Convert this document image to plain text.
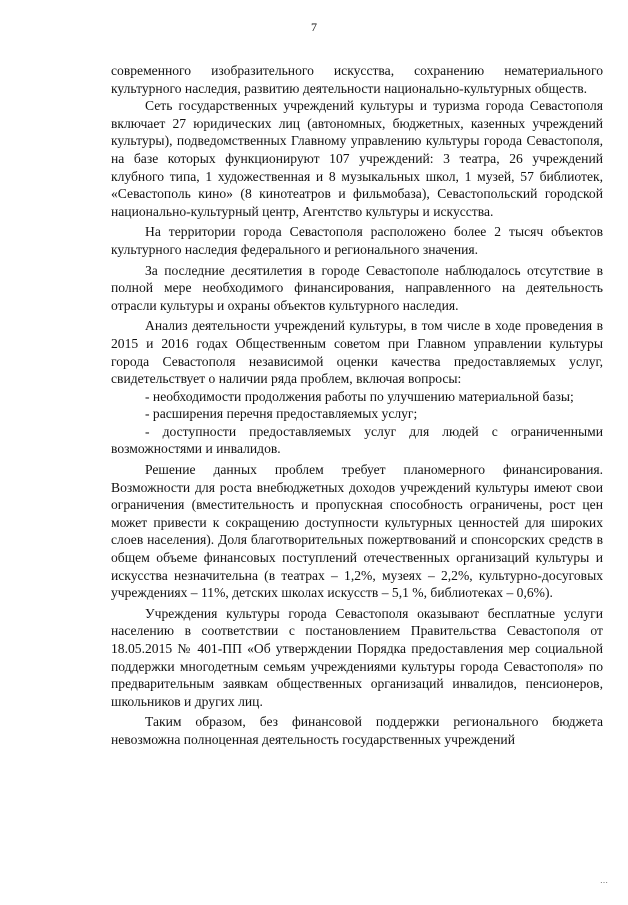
7

современного изобразительного искусства, сохранению нематериального культурного наследия, развитию деятельности национально-культурных обществ.

Сеть государственных учреждений культуры и туризма города Севастополя включает 27 юридических лиц (автономных, бюджетных, казенных учреждений культуры), подведомственных Главному управлению культуры города Севастополя, на базе которых функционируют 107 учреждений: 3 театра, 26 учреждений клубного типа, 1 художественная и 8 музыкальных школ, 1 музей, 57 библиотек, «Севастополь кино» (8 кинотеатров и фильмобаза), Севастопольский городской национально-культурный центр, Агентство культуры и искусства.

На территории города Севастополя расположено более 2 тысяч объектов культурного наследия федерального и регионального значения.

За последние десятилетия в городе Севастополе наблюдалось отсутствие в полной мере необходимого финансирования, направленного на деятельность отрасли культуры и охраны объектов культурного наследия.

Анализ деятельности учреждений культуры, в том числе в ходе проведения в 2015 и 2016 годах Общественным советом при Главном управлении культуры города Севастополя независимой оценки качества предоставляемых услуг, свидетельствует о наличии ряда проблем, включая вопросы:

- необходимости продолжения работы по улучшению материальной базы;

- расширения перечня предоставляемых услуг;

- доступности предоставляемых услуг для людей с ограниченными возможностями и инвалидов.

Решение данных проблем требует планомерного финансирования. Возможности для роста внебюджетных доходов учреждений культуры имеют свои ограничения (вместительность и пропускная способность ограничены, рост цен может привести к сокращению доступности культурных ценностей для широких слоев населения). Доля благотворительных пожертвований и спонсорских средств в общем объеме финансовых поступлений отечественных организаций культуры и искусства незначительна (в театрах – 1,2%, музеях – 2,2%, культурно-досуговых учреждениях – 11%, детских школах искусств – 5,1 %, библиотеках – 0,6%).

Учреждения культуры города Севастополя оказывают бесплатные услуги населению в соответствии с постановлением Правительства Севастополя от 18.05.2015 № 401-ПП «Об утверждении Порядка предоставления мер социальной поддержки многодетным семьям учреждениями культуры города Севастополя» по предварительным заявкам общественных организаций инвалидов, пенсионеров, школьников и других лиц.

Таким образом, без финансовой поддержки регионального бюджета невозможна полноценная деятельность государственных учреждений

…
